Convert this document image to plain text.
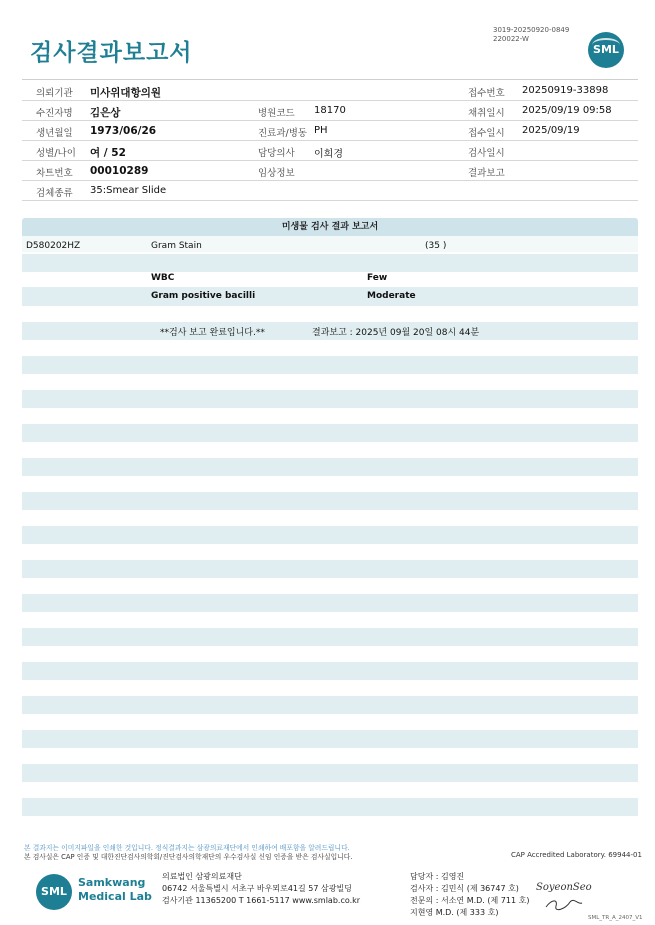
검사결과보고서
3019-20250920-0849
220022-W
SML
의뢰기관 미사위대항의원	접수번호 20250919-33898
수진자명 김은상	병원코드 18170	채취일시 2025/09/19 09:58
생년월일 1973/06/26	진료과/병동 PH	접수일시 2025/09/19
성별/나이 여 / 52	담당의사 이희경	검사일시
차트번호 00010289	임상정보	결과보고
검체종류 35:Smear Slide
미생물 검사 결과 보고서
D580202HZ	Gram Stain	(35 )
WBC	Few
Gram positive bacilli	Moderate
**검사 보고 완료입니다.**	결과보고 : 2025년 09월 20일 08시 44분
본 결과지는 이미지파일을 인쇄한 것입니다. 정식결과지는 삼광의료재단에서 인쇄하여 배포함을 알려드립니다.
본 검사실은 CAP 인증 및 대한진단검사의학회/진단검사의학재단의 우수검사실 신임 인증을 받은 검사실입니다.	CAP Accredited Laboratory. 69944-01
SML
Samkwang
Medical Lab
의료법인 삼광의료재단
06742 서울특별시 서초구 바우뫼로41길 57 삼광빌딩
검사기관 11365200 T 1661-5117 www.smlab.co.kr
담당자 : 김영진
검사자 : 김민식 (제 36747 호)
전문의 : 서소연 M.D. (제 711 호)
지현영 M.D. (제 333 호)
SoyeonSeo
SML_TR_A_2407_V1
